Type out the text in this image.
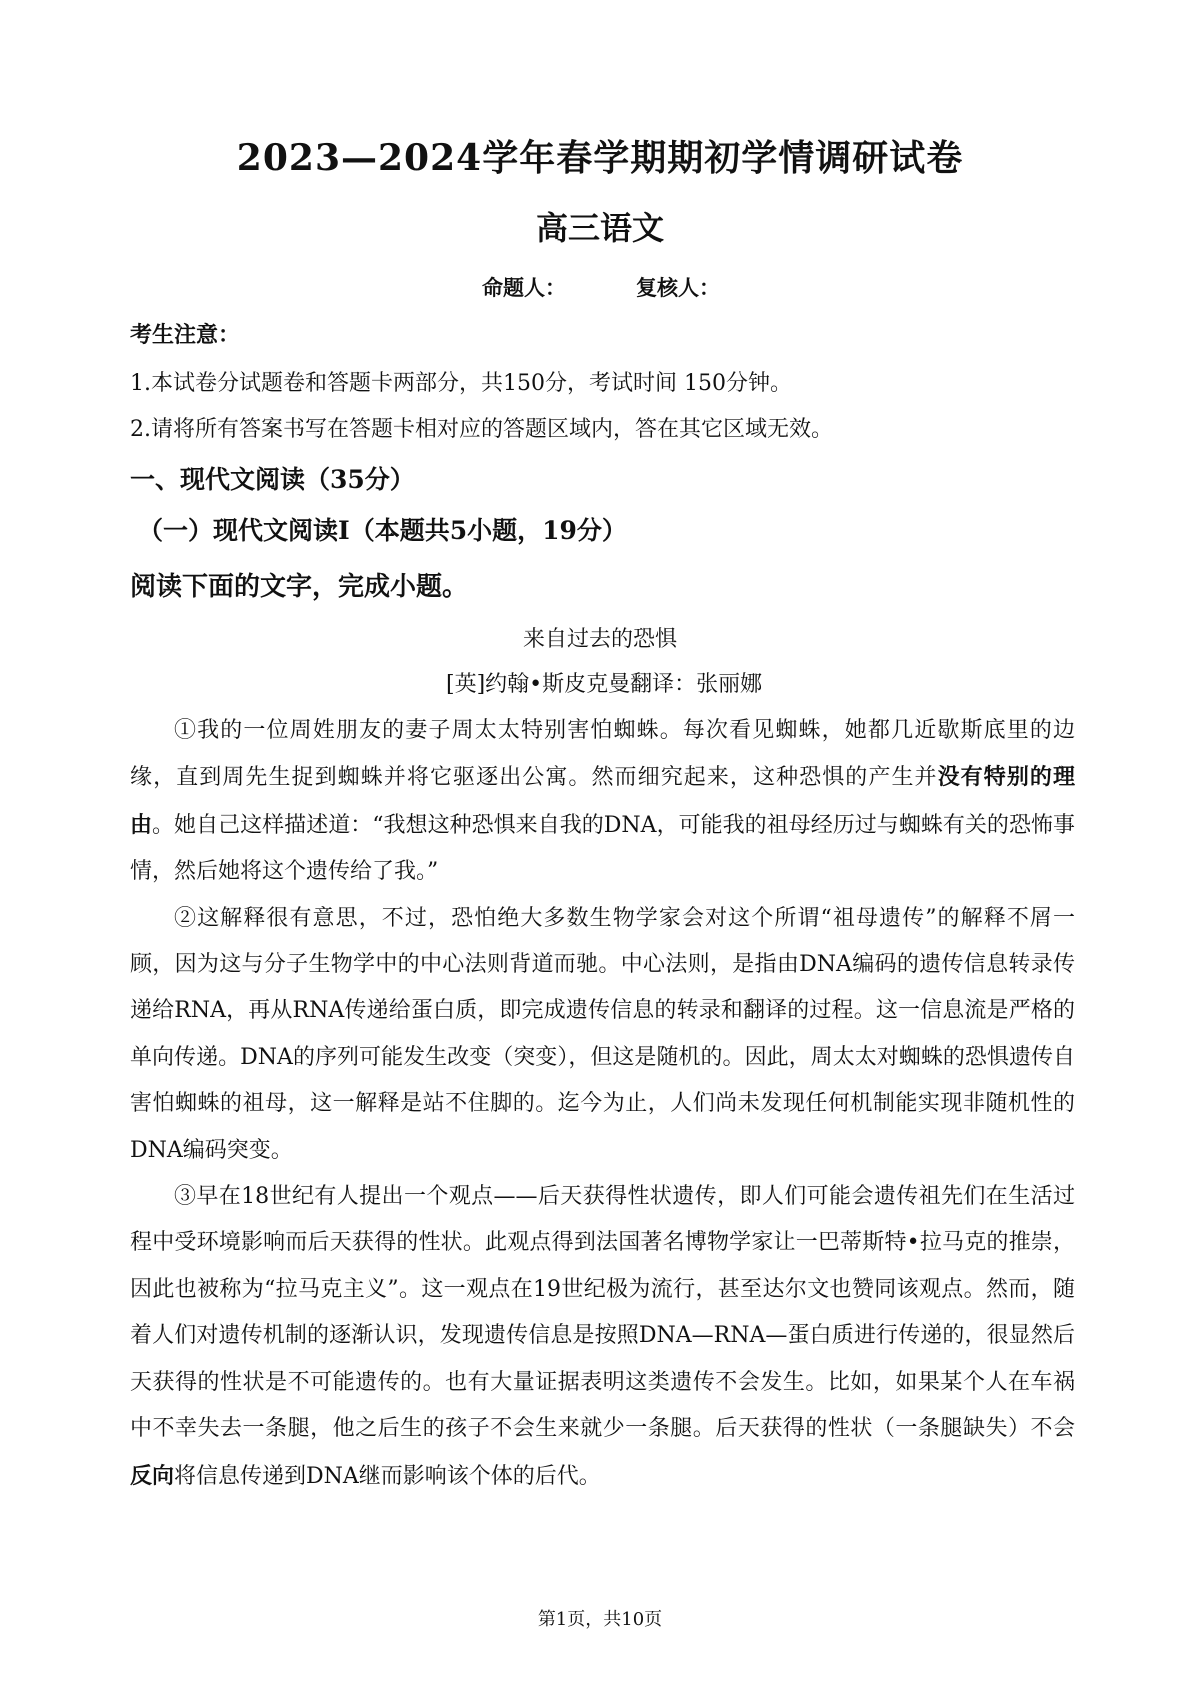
2023—2024学年春学期期初学情调研试卷
高三语文
命题人：	复核人：
考生注意：
1.本试卷分试题卷和答题卡两部分，共150分，考试时间 150分钟。
2.请将所有答案书写在答题卡相对应的答题区域内，答在其它区域无效。
一、现代文阅读（35分）
（一）现代文阅读Ⅰ（本题共5小题，19分）
阅读下面的文字，完成小题。
来自过去的恐惧
[英]约翰•斯皮克曼翻译：张丽娜

①我的一位周姓朋友的妻子周太太特别害怕蜘蛛。每次看见蜘蛛，她都几近歇斯底里的边缘，直到周先生捉到蜘蛛并将它驱逐出公寓。然而细究起来，这种恐惧的产生并没有特别的理由。她自己这样描述道：“我想这种恐惧来自我的DNA，可能我的祖母经历过与蜘蛛有关的恐怖事情，然后她将这个遗传给了我。”

②这解释很有意思，不过，恐怕绝大多数生物学家会对这个所谓“祖母遗传”的解释不屑一顾，因为这与分子生物学中的中心法则背道而驰。中心法则，是指由DNA编码的遗传信息转录传递给RNA，再从RNA传递给蛋白质，即完成遗传信息的转录和翻译的过程。这一信息流是严格的单向传递。DNA的序列可能发生改变（突变），但这是随机的。因此，周太太对蜘蛛的恐惧遗传自害怕蜘蛛的祖母，这一解释是站不住脚的。迄今为止，人们尚未发现任何机制能实现非随机性的DNA编码突变。

③早在18世纪有人提出一个观点——后天获得性状遗传，即人们可能会遗传祖先们在生活过程中受环境影响而后天获得的性状。此观点得到法国著名博物学家让一巴蒂斯特•拉马克的推崇，因此也被称为“拉马克主义”。这一观点在19世纪极为流行，甚至达尔文也赞同该观点。然而，随着人们对遗传机制的逐渐认识，发现遗传信息是按照DNA—RNA—蛋白质进行传递的，很显然后天获得的性状是不可能遗传的。也有大量证据表明这类遗传不会发生。比如，如果某个人在车祸中不幸失去一条腿，他之后生的孩子不会生来就少一条腿。后天获得的性状（一条腿缺失）不会反向将信息传递到DNA继而影响该个体的后代。

第1页，共10页
